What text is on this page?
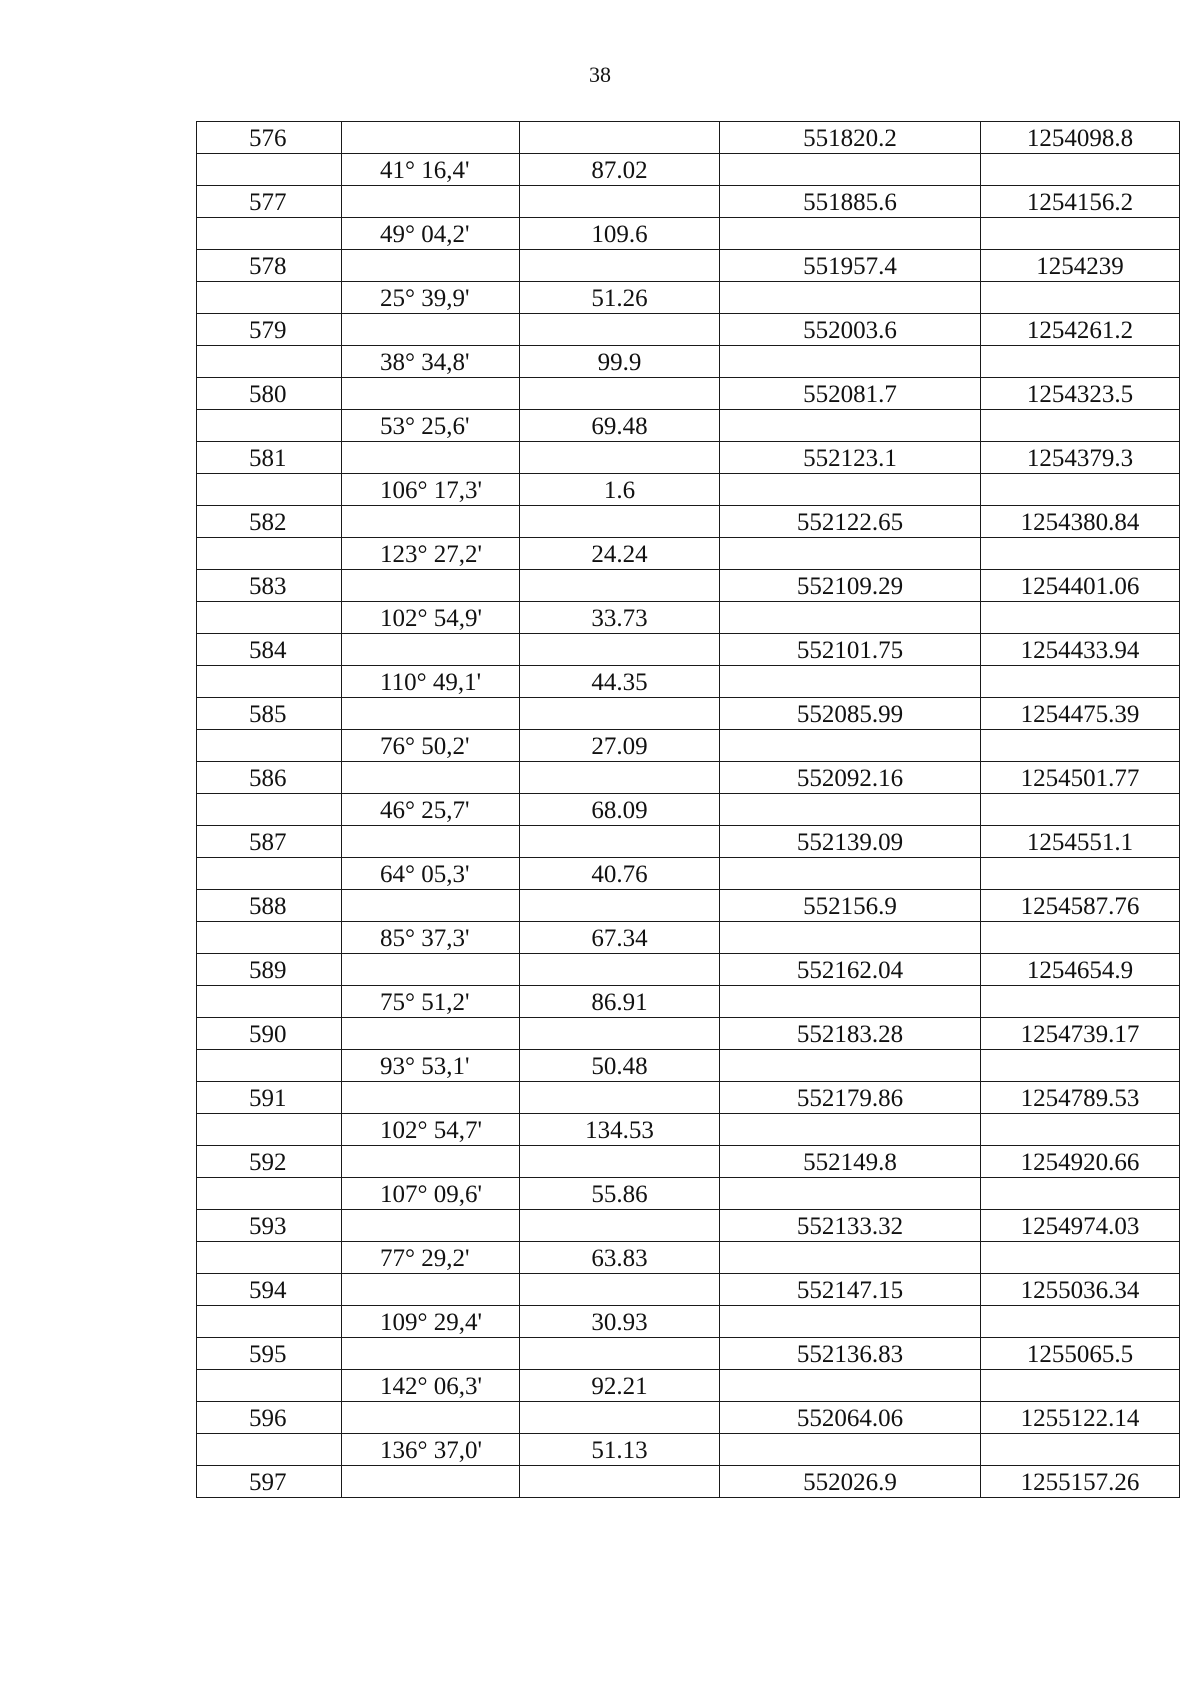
38
576			551820.2	1254098.8
	41° 16,4'	87.02		
577			551885.6	1254156.2
	49° 04,2'	109.6		
578			551957.4	1254239
	25° 39,9'	51.26		
579			552003.6	1254261.2
	38° 34,8'	99.9		
580			552081.7	1254323.5
	53° 25,6'	69.48		
581			552123.1	1254379.3
	106° 17,3'	1.6		
582			552122.65	1254380.84
	123° 27,2'	24.24		
583			552109.29	1254401.06
	102° 54,9'	33.73		
584			552101.75	1254433.94
	110° 49,1'	44.35		
585			552085.99	1254475.39
	76° 50,2'	27.09		
586			552092.16	1254501.77
	46° 25,7'	68.09		
587			552139.09	1254551.1
	64° 05,3'	40.76		
588			552156.9	1254587.76
	85° 37,3'	67.34		
589			552162.04	1254654.9
	75° 51,2'	86.91		
590			552183.28	1254739.17
	93° 53,1'	50.48		
591			552179.86	1254789.53
	102° 54,7'	134.53		
592			552149.8	1254920.66
	107° 09,6'	55.86		
593			552133.32	1254974.03
	77° 29,2'	63.83		
594			552147.15	1255036.34
	109° 29,4'	30.93		
595			552136.83	1255065.5
	142° 06,3'	92.21		
596			552064.06	1255122.14
	136° 37,0'	51.13		
597			552026.9	1255157.26
